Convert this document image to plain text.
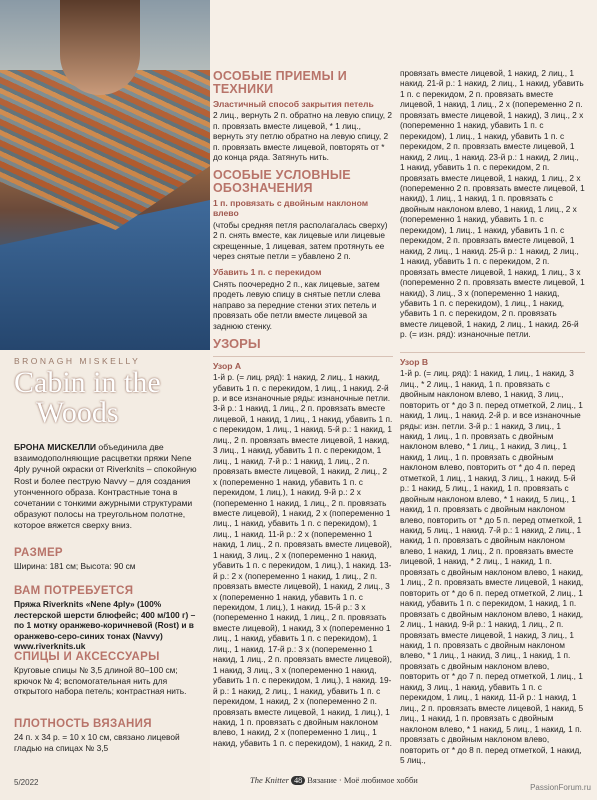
Cabin in the
Woods
BRONAGH MISKELLY
БРОНА МИСКЕЛЛИ объединила две взаимодополняющие расцветки пряжи Nene 4ply ручной окраски от Riverknits – спокойную Rost и более пеструю Navvy – для создания утонченного образа. Контрастные тона в сочетании с тонкими ажурными структурами образуют полосы на треугольном полотне, которое вяжется сверху вниз.
РАЗМЕР
Ширина: 181 см; Высота: 90 см
ВАМ ПОТРЕБУЕТСЯ
Пряжа Riverknits «Nene 4ply» (100% лестерской шерсти блюфейс; 400 м/100 г) – по 1 мотку оранжево-коричневой (Rost) и в оранжево-серо-синих тонах (Navvy) www.riverknits.uk
СПИЦЫ И АКСЕССУАРЫ
Круговые спицы № 3,5 длиной 80–100 см; крючок № 4; вспомогательная нить для открытого набора петель; контрастная нить.
ПЛОТНОСТЬ ВЯЗАНИЯ
24 п. х 34 р. = 10 х 10 см, связано лицевой гладью на спицах № 3,5
5/2022
ОСОБЫЕ ПРИЕМЫ И ТЕХНИКИ
Эластичный способ закрытия петель
2 лиц., вернуть 2 п. обратно на левую спицу, 2 п. провязать вместе лицевой, * 1 лиц., вернуть эту петлю обратно на левую спицу, 2 п. провязать вместе лицевой, повторять от * до конца ряда. Затянуть нить.
ОСОБЫЕ УСЛОВНЫЕ ОБОЗНАЧЕНИЯ
1 п. провязать с двойным наклоном влево
(чтобы средняя петля располагалась сверху) 2 п. снять вместе, как лицевые или лицевые скрещенные, 1 лицевая, затем протянуть ее через снятые петли = убавлено 2 п.
Убавить 1 п. с перекидом
Снять поочередно 2 п., как лицевые, затем продеть левую спицу в снятые петли слева направо за передние стенки этих петель и провязать обе петли вместе лицевой за заднюю стенку.
УЗОРЫ
Узор А
1-й р. (= лиц. ряд): 1 накид, 2 лиц., 1 накид, убавить 1 п. с перекидом, 1 лиц., 1 накид. 2-й р. и все изнаночные ряды: изнаночные петли. 3-й р.: 1 накид, 1 лиц., 2 п. провязать вместе лицевой, 1 накид, 1 лиц., 1 накид, убавить 1 п. с перекидом, 1 лиц., 1 накид. 5-й р.: 1 накид, 1 лиц., 2 п. провязать вместе лицевой, 1 накид, 3 лиц., 1 накид, убавить 1 п. с перекидом, 1 лиц., 1 накид. 7-й р.: 1 накид, 1 лиц., 2 п. провязать вместе лицевой, 1 накид, 2 лиц., 2 х (попеременно 1 накид, убавить 1 п. с перекидом, 1 лиц.), 1 накид. 9-й р.: 2 х (попеременно 1 накид, 1 лиц., 2 п. провязать вместе лицевой), 1 накид, 2 х (попеременно 1 лиц., 1 накид, убавить 1 п. с перекидом), 1 лиц., 1 накид. 11-й р.: 2 х (попеременно 1 накид, 1 лиц., 2 п. провязать вместе лицевой), 1 накид, 3 лиц., 2 х (попеременно 1 накид, убавить 1 п. с перекидом, 1 лиц.), 1 накид. 13-й р.: 2 х (попеременно 1 накид, 1 лиц., 2 п. провязать вместе лицевой), 1 накид, 2 лиц., 3 х (попеременно 1 накид, убавить 1 п. с перекидом, 1 лиц.), 1 накид. 15-й р.: 3 х (попеременно 1 накид, 1 лиц., 2 п. провязать вместе лицевой), 1 накид, 3 х (попеременно 1 лиц., 1 накид, убавить 1 п. с перекидом), 1 лиц., 1 накид. 17-й р.: 3 х (попеременно 1 накид, 1 лиц., 2 п. провязать вместе лицевой), 1 накид, 3 лиц., 3 х (попеременно 1 накид, убавить 1 п. с перекидом, 1 лиц.), 1 накид. 19-й р.: 1 накид, 2 лиц., 1 накид, убавить 1 п. с перекидом, 1 накид, 2 х (попеременно 2 п. провязать вместе лицевой, 1 накид, 1 лиц.), 1 накид, 1 п. провязать с двойным наклоном влево, 1 накид, 2 х (попеременно 1 лиц., 1 накид, убавить 1 п. с перекидом), 1 накид, 2 п.
провязать вместе лицевой, 1 накид, 2 лиц., 1 накид. 21-й р.: 1 накид, 2 лиц., 1 накид, убавить 1 п. с перекидом, 2 п. провязать вместе лицевой, 1 накид, 1 лиц., 2 х (попеременно 2 п. провязать вместе лицевой, 1 накид), 3 лиц., 2 х (попеременно 1 накид, убавить 1 п. с перекидом), 1 лиц., 1 накид, убавить 1 п. с перекидом, 2 п. провязать вместе лицевой, 1 накид, 2 лиц., 1 накид. 23-й р.: 1 накид, 2 лиц., 1 накид, убавить 1 п. с перекидом, 2 п. провязать вместе лицевой, 1 накид, 1 лиц., 2 х (попеременно 2 п. провязать вместе лицевой, 1 накид), 1 лиц., 1 накид, 1 п. провязать с двойным наклоном влево, 1 накид, 1 лиц., 2 х (попеременно 1 накид, убавить 1 п. с перекидом), 1 лиц., 1 накид, убавить 1 п. с перекидом, 2 п. провязать вместе лицевой, 1 накид, 2 лиц., 1 накид. 25-й р.: 1 накид, 2 лиц., 1 накид, убавить 1 п. с перекидом, 2 п. провязать вместе лицевой, 1 накид, 1 лиц., 3 х (попеременно 2 п. провязать вместе лицевой, 1 накид), 3 лиц., 3 х (попеременно 1 накид, убавить 1 п. с перекидом), 1 лиц., 1 накид, убавить 1 п. с перекидом, 2 п. провязать вместе лицевой, 1 накид, 2 лиц., 1 накид. 26-й р. (= изн. ряд): изнаночные петли.
Узор В
1-й р. (= лиц. ряд): 1 накид, 1 лиц., 1 накид, 3 лиц., * 2 лиц., 1 накид, 1 п. провязать с двойным наклоном влево, 1 накид, 3 лиц., повторить от * до 3 п. перед отметкой, 2 лиц., 1 накид, 1 лиц., 1 накид. 2-й р. и все изнаночные ряды: изн. петли. 3-й р.: 1 накид, 3 лиц., 1 накид, 1 лиц., 1 п. провязать с двойным наклоном влево, * 1 лиц., 1 накид, 3 лиц., 1 накид, 1 лиц., 1 п. провязать с двойным наклоном влево, повторить от * до 4 п. перед отметкой, 1 лиц., 1 накид, 3 лиц., 1 накид. 5-й р.: 1 накид, 5 лиц., 1 накид, 1 п. провязать с двойным наклоном влево, * 1 накид, 5 лиц., 1 накид, 1 п. провязать с двойным наклоном влево, повторить от * до 5 п. перед отметкой, 1 накид, 5 лиц., 1 накид. 7-й р.: 1 накид, 2 лиц., 1 накид, 1 п. провязать с двойным наклоном влево, 1 накид, 1 лиц., 2 п. провязать вместе лицевой, 1 накид, * 2 лиц., 1 накид, 1 п. провязать с двойным наклоном влево, 1 накид, 1 лиц., 2 п. провязать вместе лицевой, 1 накид, повторить от * до 6 п. перед отметкой, 2 лиц., 1 накид, убавить 1 п. с перекидом, 1 накид, 1 п. провязать с двойным наклоном влево, 1 накид, 2 лиц., 1 накид. 9-й р.: 1 накид, 1 лиц., 2 п. провязать вместе лицевой, 1 накид, 3 лиц., 1 накид, 1 п. провязать с двойным наклоном влево, * 1 лиц., 1 накид, 3 лиц., 1 накид, 1 п. провязать с двойным наклоном влево, повторить от * до 7 п. перед отметкой, 1 лиц., 1 накид, 3 лиц., 1 накид, убавить 1 п. с перекидом, 1 лиц., 1 накид. 11-й р.: 1 накид, 1 лиц., 2 п. провязать вместе лицевой, 1 накид, 5 лиц., 1 накид, 1 п. провязать с двойным наклоном влево, * 1 накид, 5 лиц., 1 накид, 1 п. провязать с двойным наклоном влево, повторить от * до 8 п. перед отметкой, 1 накид, 5 лиц.,
The Knitter 48 Вязание · Моё любимое хобби
PassionForum.ru
